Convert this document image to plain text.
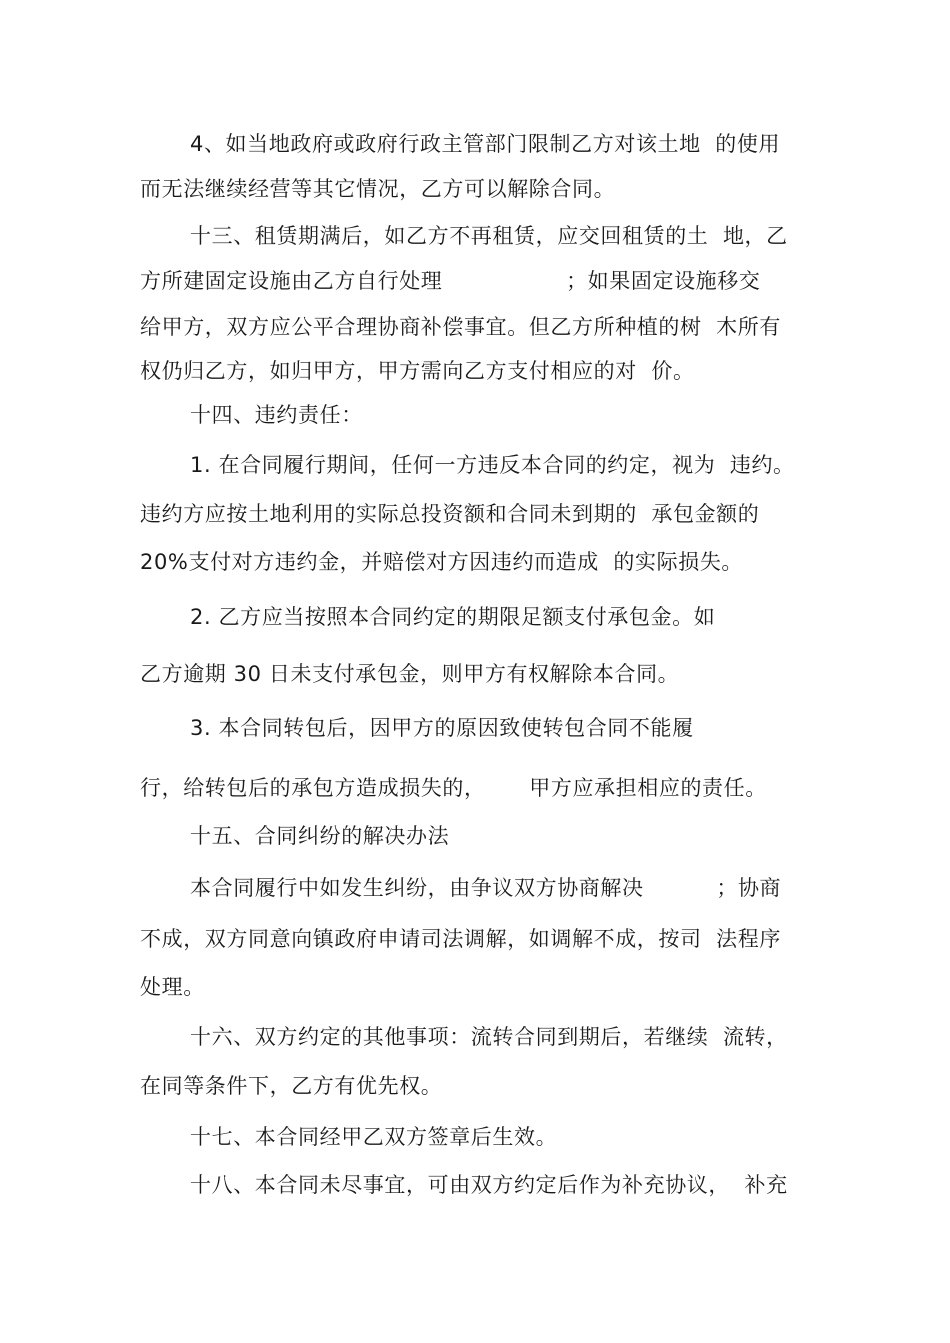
4、如当地政府或政府行政主管部门限制乙方对该土地  的使用
而无法继续经营等其它情况，乙方可以解除合同。
十三、租赁期满后，如乙方不再租赁，应交回租赁的土  地，乙
方所建固定设施由乙方自行处理                 ；如果固定设施移交
给甲方，双方应公平合理协商补偿事宜。但乙方所种植的树  木所有
权仍归乙方，如归甲方，甲方需向乙方支付相应的对  价。
十四、违约责任：
1. 在合同履行期间，任何一方违反本合同的约定，视为  违约。
违约方应按土地利用的实际总投资额和合同未到期的  承包金额的
20%支付对方违约金，并赔偿对方因违约而造成  的实际损失。
2. 乙方应当按照本合同约定的期限足额支付承包金。如
乙方逾期 30 日未支付承包金，则甲方有权解除本合同。
3. 本合同转包后，因甲方的原因致使转包合同不能履
行，给转包后的承包方造成损失的，      甲方应承担相应的责任。
十五、合同纠纷的解决办法
本合同履行中如发生纠纷，由争议双方协商解决          ；协商
不成，双方同意向镇政府申请司法调解，如调解不成，按司  法程序
处理。
十六、双方约定的其他事项：流转合同到期后，若继续  流转，
在同等条件下，乙方有优先权。
十七、本合同经甲乙双方签章后生效。
十八、本合同未尽事宜，可由双方约定后作为补充协议，  补充
